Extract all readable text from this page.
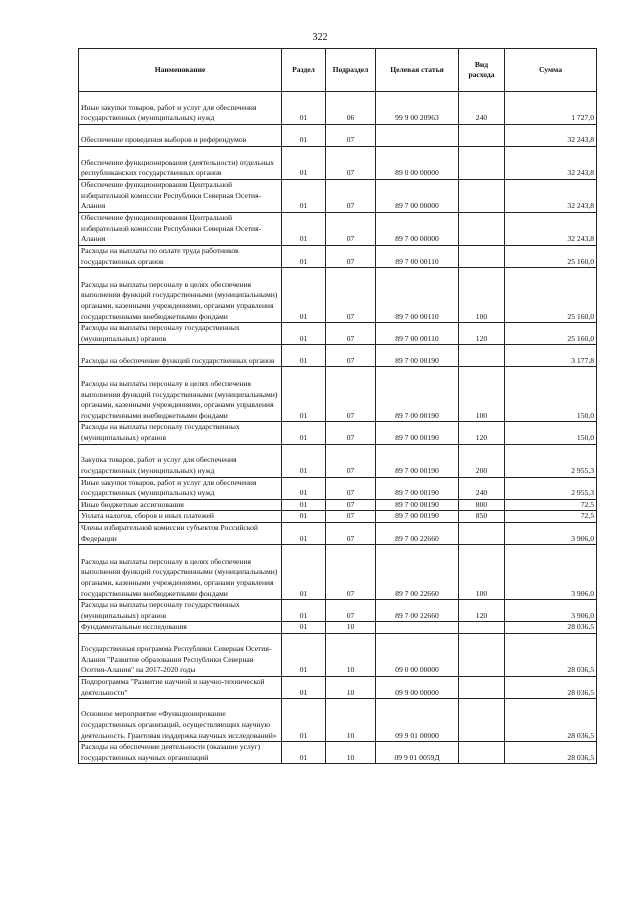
322
Наименование	Раздел	Подраздел	Целевая статья	Вид расхода	Сумма
Иные закупки товаров, работ и услуг для обеспечения государственных (муниципальных) нужд	01	06	99 9 00 20963	240	1 727,0
Обеспечение проведения выборов и референдумов	01	07			32 243,8
Обеспечение функционирования (деятельности) отдельных республиканских государственных органов	01	07	89 0 00 00000		32 243,8
Обеспечение функционирования Центральной избирательной комиссии Республики Северная Осетия-Алания	01	07	89 7 00 00000		32 243,8
Обеспечение функционирования Центральной избирательной комиссии Республики Северная Осетия-Алания	01	07	89 7 00 00000		32 243,8
Расходы на выплаты по оплате труда работников государственных органов	01	07	89 7 00 00110		25 160,0
Расходы на выплаты персоналу в целях обеспечения выполнения функций государственными (муниципальными) органами, казенными учреждениями, органами управления государственными внебюджетными фондами	01	07	89 7 00 00110	100	25 160,0
Расходы на выплаты персоналу государственных (муниципальных) органов	01	07	89 7 00 00110	120	25 160,0
Расходы на обеспечение функций государственных органов	01	07	89 7 00 00190		3 177,8
Расходы на выплаты персоналу в целях обеспечения выполнения функций государственными (муниципальными) органами, казенными учреждениями, органами управления государственными внебюджетными фондами	01	07	89 7 00 00190	100	150,0
Расходы на выплаты персоналу государственных (муниципальных) органов	01	07	89 7 00 00190	120	150,0
Закупка товаров, работ и услуг для обеспечения государственных (муниципальных) нужд	01	07	89 7 00 00190	200	2 955,3
Иные закупки товаров, работ и услуг для обеспечения государственных (муниципальных) нужд	01	07	89 7 00 00190	240	2 955,3
Иные бюджетные ассигнования	01	07	89 7 00 00190	800	72,5
Уплата налогов, сборов и иных платежей	01	07	89 7 00 00190	850	72,5
Члены избирательной комиссии субъектов Российской Федерации	01	07	89 7 00 22660		3 906,0
Расходы на выплаты персоналу в целях обеспечения выполнения функций государственными (муниципальными) органами, казенными учреждениями, органами управления государственными внебюджетными фондами	01	07	89 7 00 22660	100	3 906,0
Расходы на выплаты персоналу государственных (муниципальных) органов	01	07	89 7 00 22660	120	3 906,0
Фундаментальные исследования	01	10			28 036,5
Государственная программа Республики Северная Осетия-Алания "Развитие образования Республики Северная Осетия-Алания" на 2017-2020 годы	01	10	09 0 00 00000		28 036,5
Подпрограмма "Развитие научной и научно-технической деятельности"	01	10	09 9 00 00000		28 036,5
Основное мероприятие «Функционирование государственных организаций, осуществляющих научную деятельность. Грантовая поддержка научных исследований»	01	10	09 9 01 00000		28 036,5
Расходы на обеспечение деятельности (оказание услуг) государственных научных организаций	01	10	09 9 01 0059Д		28 036,5
